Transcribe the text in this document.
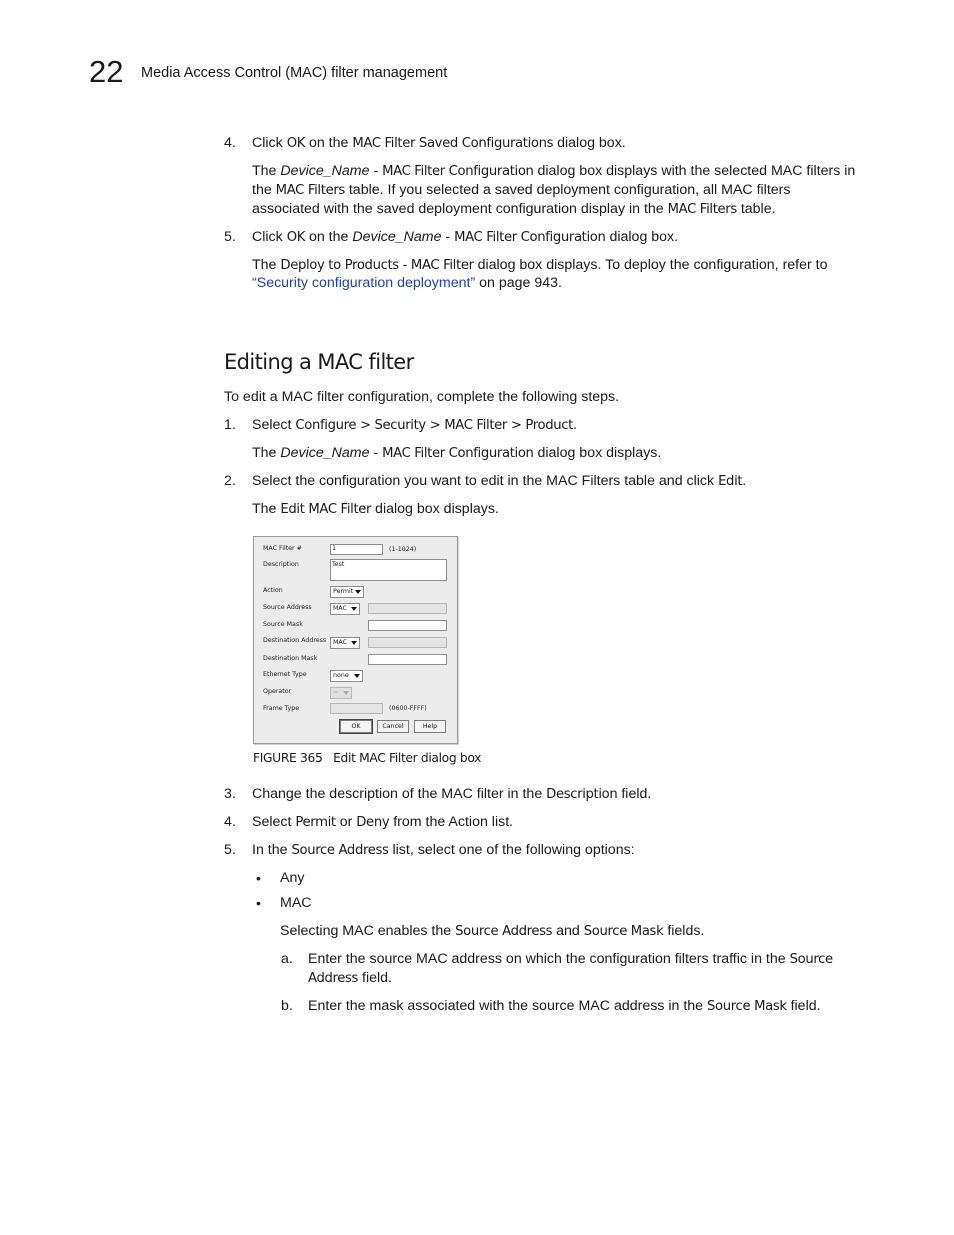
22 Media Access Control (MAC) filter management
4. Click OK on the MAC Filter Saved Configurations dialog box.
The Device_Name - MAC Filter Configuration dialog box displays with the selected MAC filters in
the MAC Filters table. If you selected a saved deployment configuration, all MAC filters
associated with the saved deployment configuration display in the MAC Filters table.
5. Click OK on the Device_Name - MAC Filter Configuration dialog box.
The Deploy to Products - MAC Filter dialog box displays. To deploy the configuration, refer to
“Security configuration deployment” on page 943.
Editing a MAC filter
To edit a MAC filter configuration, complete the following steps.
1. Select Configure > Security > MAC Filter > Product.
The Device_Name - MAC Filter Configuration dialog box displays.
2. Select the configuration you want to edit in the MAC Filters table and click Edit.
The Edit MAC Filter dialog box displays.
MAC Filter #	1	(1-1024)
Description	Test
Action	Permit
Source Address	MAC
Source Mask
Destination Address	MAC
Destination Mask
Ethernet Type	none
Operator	=
Frame Type	(0600-FFFF)
OK	Cancel	Help
FIGURE 365 Edit MAC Filter dialog box
3. Change the description of the MAC filter in the Description field.
4. Select Permit or Deny from the Action list.
5. In the Source Address list, select one of the following options:
• Any
• MAC
Selecting MAC enables the Source Address and Source Mask fields.
a. Enter the source MAC address on which the configuration filters traffic in the Source
Address field.
b. Enter the mask associated with the source MAC address in the Source Mask field.
